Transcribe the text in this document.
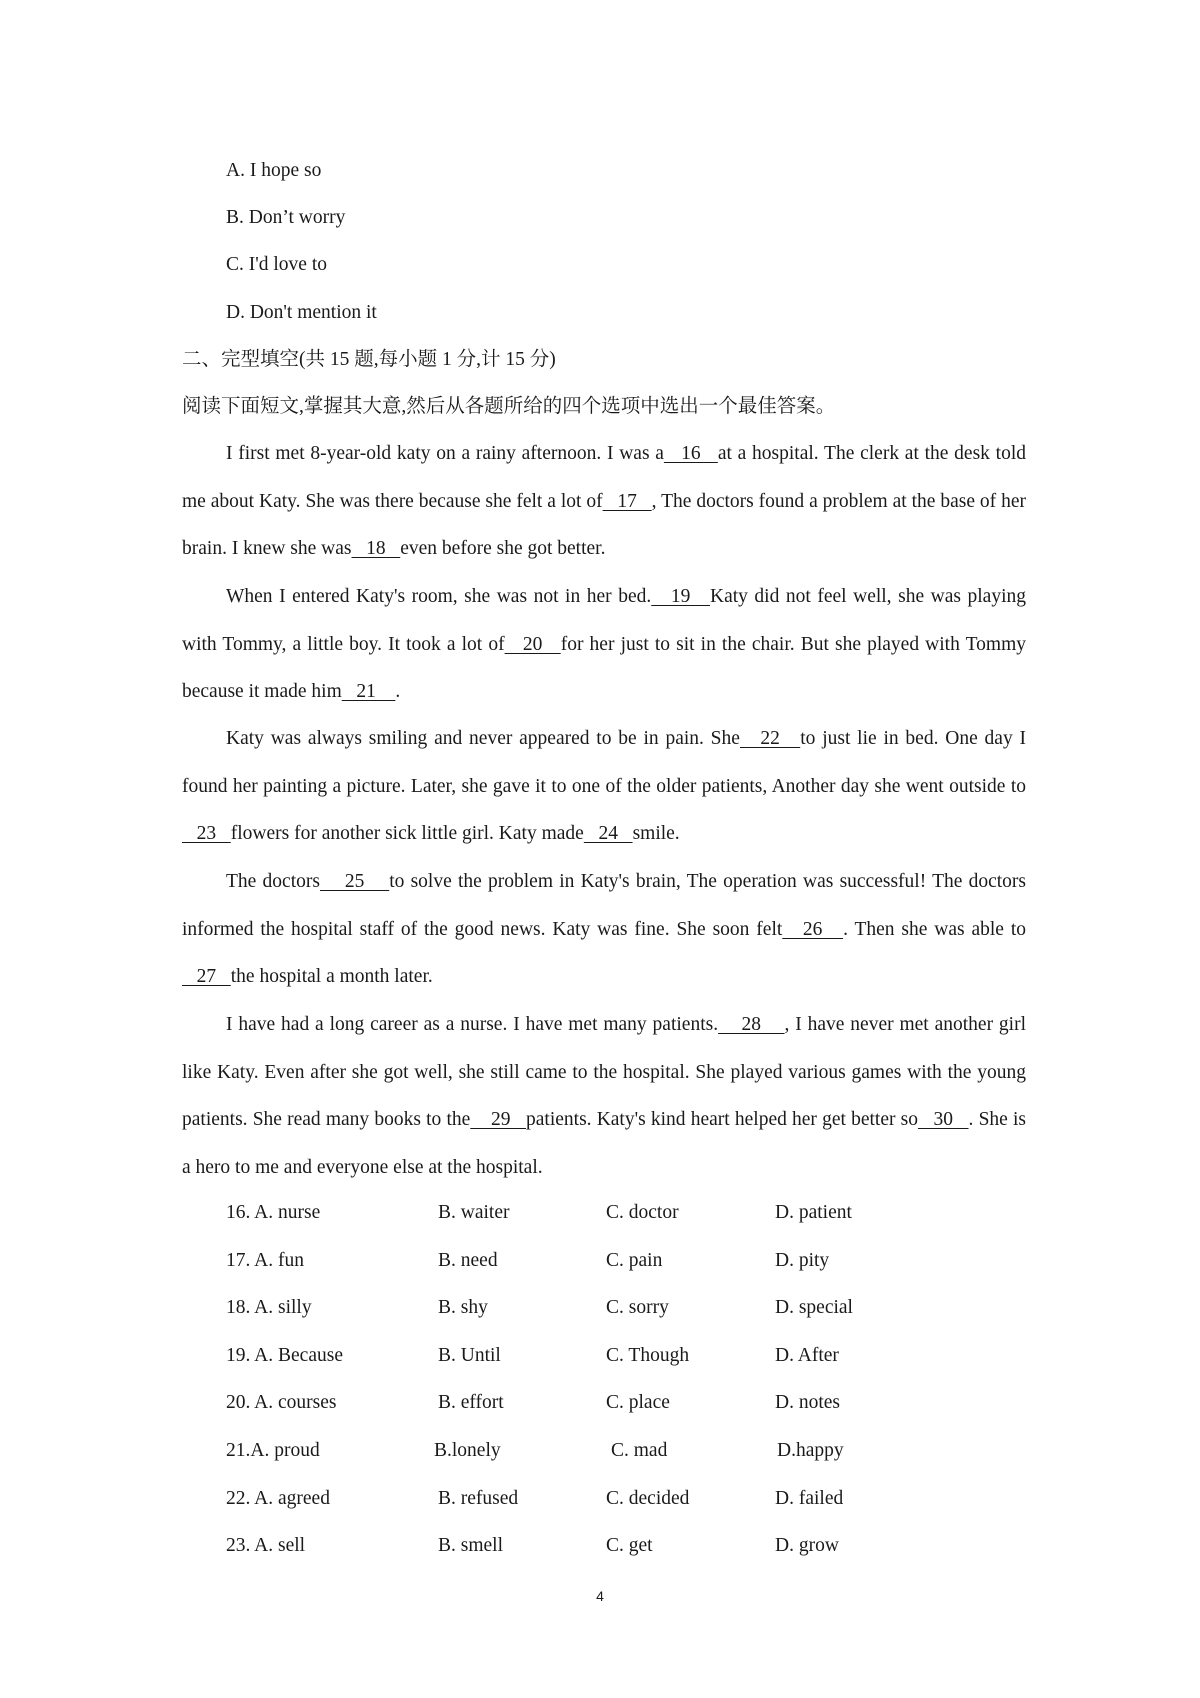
A. I hope so
B. Don’t worry
C. I'd love to
D. Don't mention it
二、完型填空(共 15 题,每小题 1 分,计 15 分)
阅读下面短文,掌握其大意,然后从各题所给的四个选项中选出一个最佳答案。

I first met 8-year-old katy on a rainy afternoon. I was a   16   at a hospital. The clerk at the desk told me about Katy. She was there because she felt a lot of   17   , The doctors found a problem at the base of her brain. I knew she was   18   even before she got better.

When I entered Katy's room, she was not in her bed.   19   Katy did not feel well, she was playing with Tommy, a little boy. It took a lot of   20   for her just to sit in the chair. But she played with Tommy because it made him   21    .

Katy was always smiling and never appeared to be in pain. She   22   to just lie in bed. One day I found her painting a picture. Later, she gave it to one of the older patients, Another day she went outside to   23   flowers for another sick little girl. Katy made   24   smile.

The doctors    25    to solve the problem in Katy's brain, The operation was successful! The doctors informed the hospital staff of the good news. Katy was fine. She soon felt   26   . Then she was able to   27   the hospital a month later.

I have had a long career as a nurse. I have met many patients.    28    , I have never met another girl like Katy. Even after she got well, she still came to the hospital. She played various games with the young patients. She read many books to the    29   patients. Katy's kind heart helped her get better so   30   . She is a hero to me and everyone else at the hospital.

16. A. nurse	B. waiter	C. doctor	D. patient
17. A. fun	B. need	C. pain	D. pity
18. A. silly	B. shy	C. sorry	D. special
19. A. Because	B. Until	C. Though	D. After
20. A. courses	B. effort	C. place	D. notes
21.A. proud	B.lonely	C. mad	D.happy
22. A. agreed	B. refused	C. decided	D. failed
23. A. sell	B. smell	C. get	D. grow
4
